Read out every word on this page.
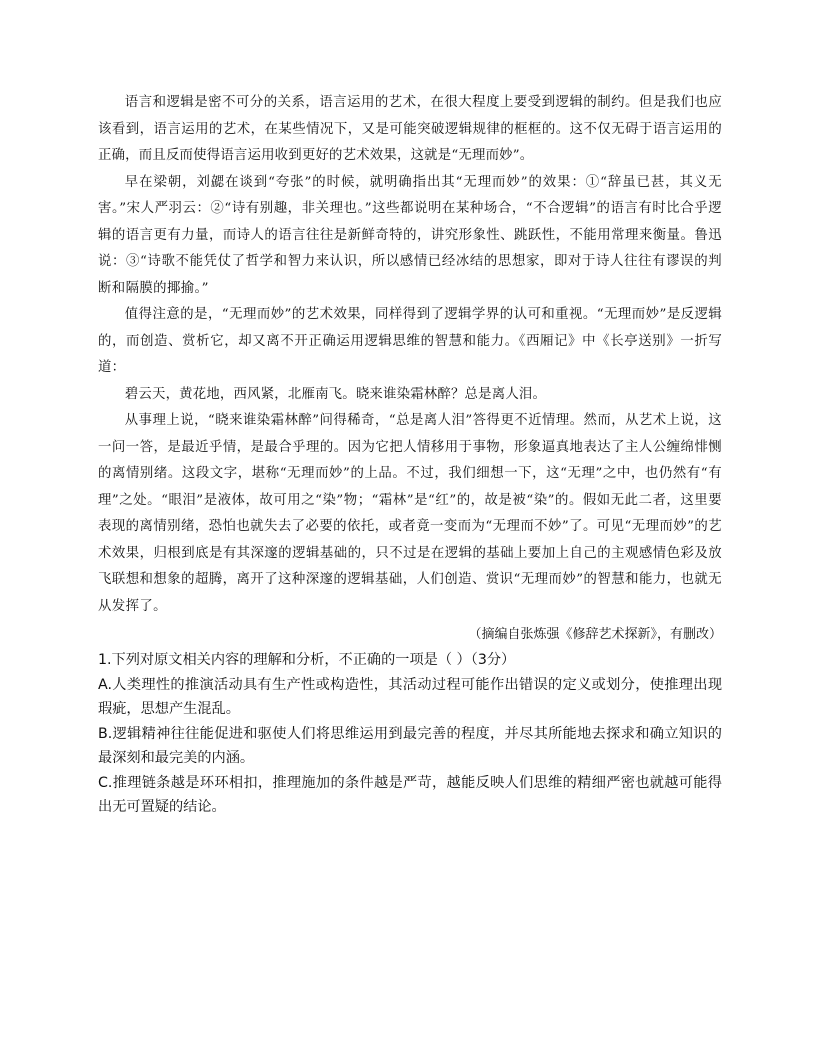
语言和逻辑是密不可分的关系，语言运用的艺术，在很大程度上要受到逻辑的制约。但是我们也应该看到，语言运用的艺术，在某些情况下，又是可能突破逻辑规律的框框的。这不仅无碍于语言运用的正确，而且反而使得语言运用收到更好的艺术效果，这就是“无理而妙”。

早在梁朝，刘勰在谈到“夸张”的时候，就明确指出其“无理而妙”的效果：①“辞虽已甚，其义无害。”宋人严羽云：②“诗有别趣，非关理也。”这些都说明在某种场合，“不合逻辑”的语言有时比合乎逻辑的语言更有力量，而诗人的语言往往是新鲜奇特的，讲究形象性、跳跃性，不能用常理来衡量。鲁迅说：③“诗歌不能凭仗了哲学和智力来认识，所以感情已经冰结的思想家，即对于诗人往往有谬误的判断和隔膜的揶揄。”

值得注意的是，“无理而妙”的艺术效果，同样得到了逻辑学界的认可和重视。“无理而妙”是反逻辑的，而创造、赏析它，却又离不开正确运用逻辑思维的智慧和能力。《西厢记》中《长亭送别》一折写道：

碧云天，黄花地，西风紧，北雁南飞。晓来谁染霜林醉？总是离人泪。

从事理上说，“晓来谁染霜林醉”问得稀奇，“总是离人泪”答得更不近情理。然而，从艺术上说，这一问一答，是最近乎情，是最合乎理的。因为它把人情移用于事物，形象逼真地表达了主人公缠绵悱恻的离情别绪。这段文字，堪称“无理而妙”的上品。不过，我们细想一下，这“无理”之中，也仍然有“有理”之处。“眼泪”是液体，故可用之“染”物；“霜林”是“红”的，故是被“染”的。假如无此二者，这里要表现的离情别绪，恐怕也就失去了必要的依托，或者竟一变而为“无理而不妙”了。可见“无理而妙”的艺术效果，归根到底是有其深邃的逻辑基础的，只不过是在逻辑的基础上要加上自己的主观感情色彩及放飞联想和想象的超腾，离开了这种深邃的逻辑基础，人们创造、赏识“无理而妙”的智慧和能力，也就无从发挥了。

（摘编自张炼强《修辞艺术探新》，有删改）

1.下列对原文相关内容的理解和分析，不正确的一项是（ ）（3分）

A.人类理性的推演活动具有生产性或构造性，其活动过程可能作出错误的定义或划分，使推理出现瑕疵，思想产生混乱。

B.逻辑精神往往能促进和驱使人们将思维运用到最完善的程度，并尽其所能地去探求和确立知识的最深刻和最完美的内涵。

C.推理链条越是环环相扣，推理施加的条件越是严苛，越能反映人们思维的精细严密也就越可能得出无可置疑的结论。
